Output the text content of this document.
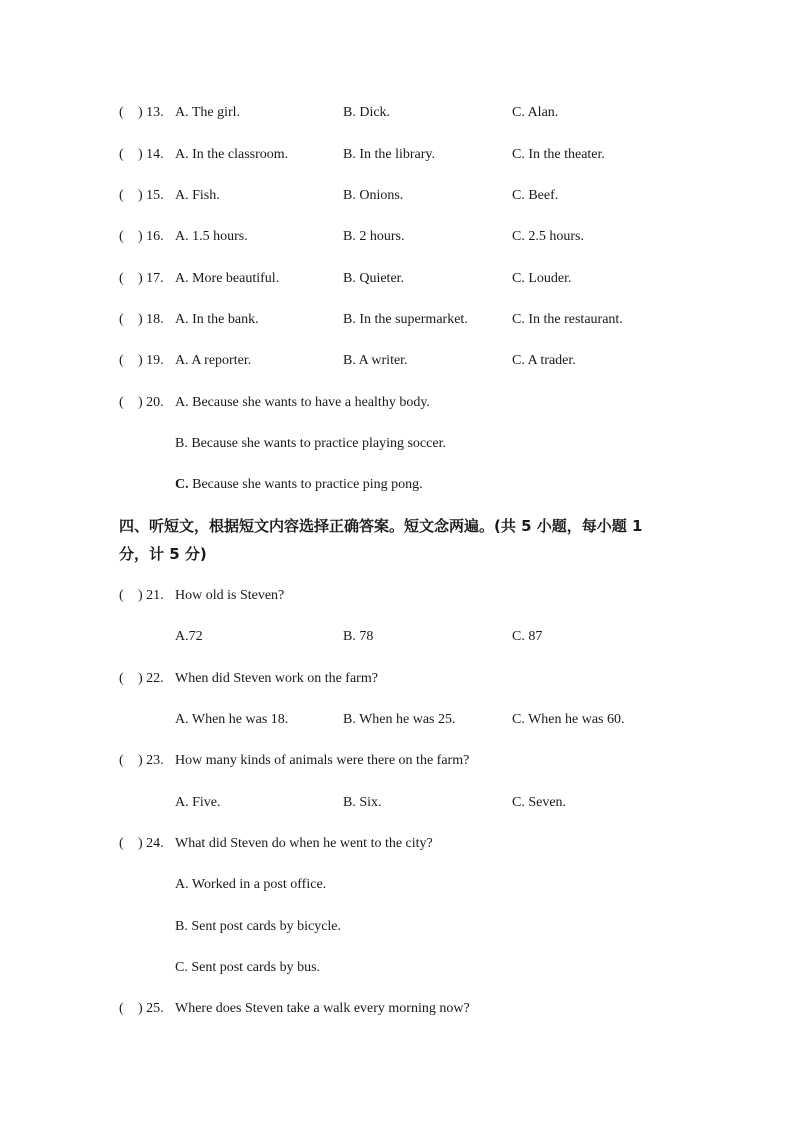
( ) 13. A. The girl.	B. Dick.	C. Alan.
( ) 14. A. In the classroom.	B. In the library.	C. In the theater.
( ) 15. A. Fish.	B. Onions.	C. Beef.
( ) 16. A. 1.5 hours.	B. 2 hours.	C. 2.5 hours.
( ) 17. A. More beautiful.	B. Quieter.	C. Louder.
( ) 18. A. In the bank.	B. In the supermarket.	C. In the restaurant.
( ) 19. A. A reporter.	B. A writer.	C. A trader.
( ) 20. A. Because she wants to have a healthy body.
B. Because she wants to practice playing soccer.
C. Because she wants to practice ping pong.
四、听短文，根据短文内容选择正确答案。短文念两遍。(共 5 小题，每小题 1
分，计 5 分)
( ) 21. How old is Steven?
A.72	B. 78	C. 87
( ) 22. When did Steven work on the farm?
A. When he was 18.	B. When he was 25.	C. When he was 60.
( ) 23. How many kinds of animals were there on the farm?
A. Five.	B. Six.	C. Seven.
( ) 24. What did Steven do when he went to the city?
A. Worked in a post office.
B. Sent post cards by bicycle.
C. Sent post cards by bus.
( ) 25. Where does Steven take a walk every morning now?
